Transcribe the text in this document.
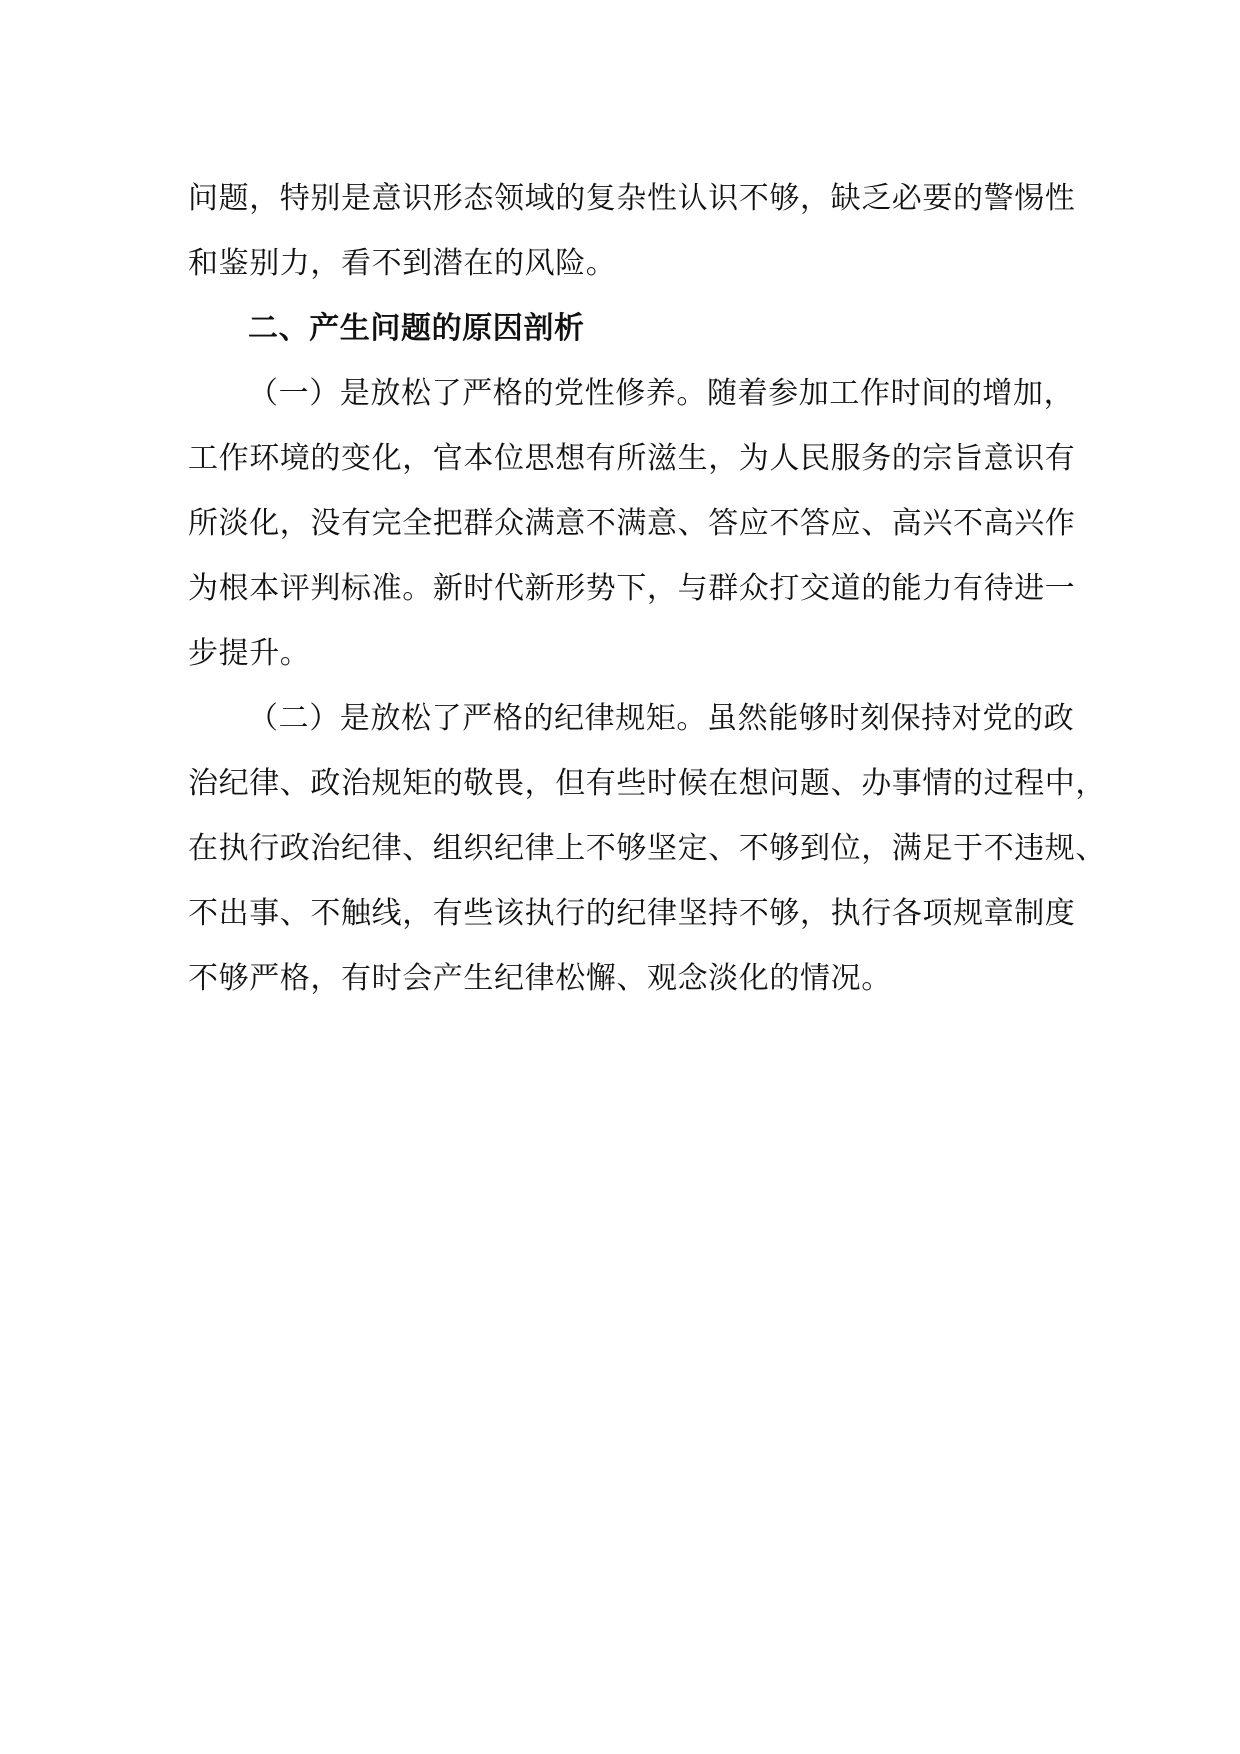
问题，特别是意识形态领域的复杂性认识不够，缺乏必要的警惕性
和鉴别力，看不到潜在的风险。
二、产生问题的原因剖析
（一）是放松了严格的党性修养。随着参加工作时间的增加，
工作环境的变化，官本位思想有所滋生，为人民服务的宗旨意识有
所淡化，没有完全把群众满意不满意、答应不答应、高兴不高兴作
为根本评判标准。新时代新形势下，与群众打交道的能力有待进一
步提升。
（二）是放松了严格的纪律规矩。虽然能够时刻保持对党的政
治纪律、政治规矩的敬畏，但有些时候在想问题、办事情的过程中，
在执行政治纪律、组织纪律上不够坚定、不够到位，满足于不违规、
不出事、不触线，有些该执行的纪律坚持不够，执行各项规章制度
不够严格，有时会产生纪律松懈、观念淡化的情况。
